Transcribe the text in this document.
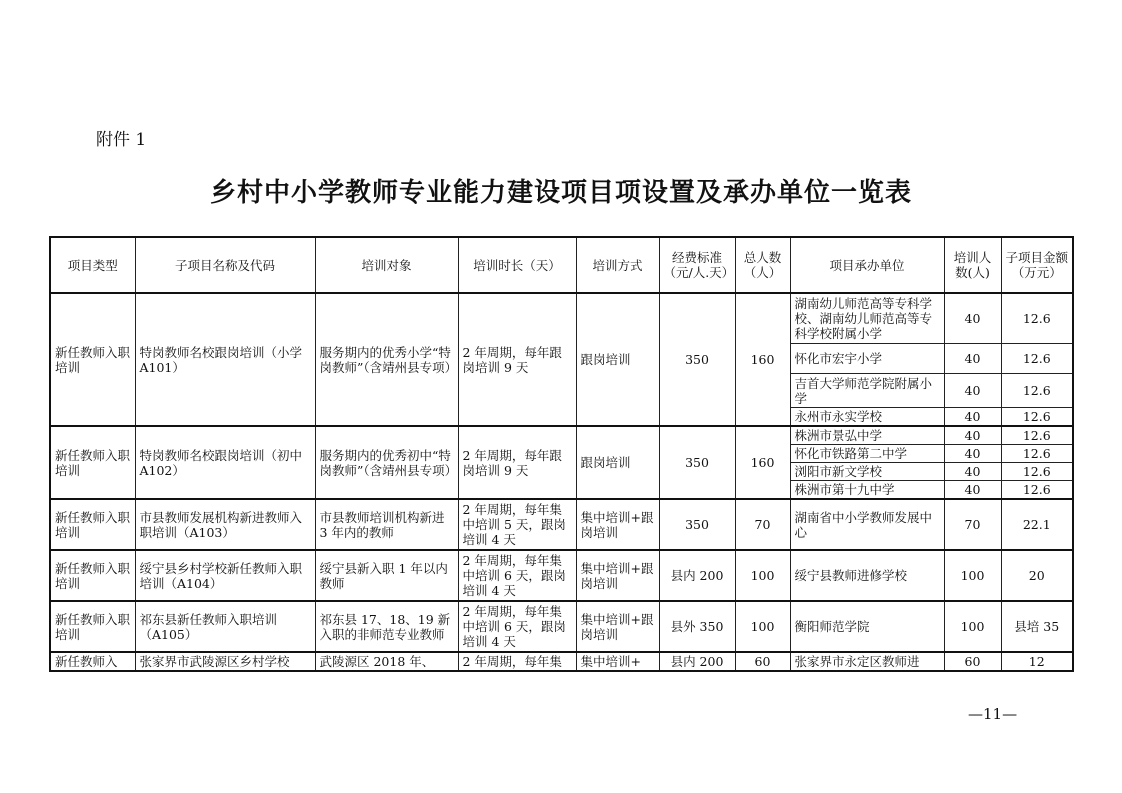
附件 1
乡村中小学教师专业能力建设项目项设置及承办单位一览表
项目类型	子项目名称及代码	培训对象	培训时长（天）	培训方式	经费标准（元/人.天）	总人数（人）	项目承办单位	培训人数(人)	子项目金额（万元）
新任教师入职培训	特岗教师名校跟岗培训（小学 A101）	服务期内的优秀小学“特岗教师”（含靖州县专项）	2 年周期，每年跟岗培训 9 天	跟岗培训	350	160	湖南幼儿师范高等专科学校、湖南幼儿师范高等专科学校附属小学	40	12.6
							怀化市宏宇小学	40	12.6
							吉首大学师范学院附属小学	40	12.6
							永州市永实学校	40	12.6
新任教师入职培训	特岗教师名校跟岗培训（初中 A102）	服务期内的优秀初中“特岗教师”（含靖州县专项）	2 年周期，每年跟岗培训 9 天	跟岗培训	350	160	株洲市景弘中学	40	12.6
							怀化市铁路第二中学	40	12.6
							浏阳市新文学校	40	12.6
							株洲市第十九中学	40	12.6
新任教师入职培训	市县教师发展机构新进教师入职培训（A103）	市县教师培训机构新进 3 年内的教师	2 年周期，每年集中培训 5 天，跟岗培训 4 天	集中培训+跟岗培训	350	70	湖南省中小学教师发展中心	70	22.1
新任教师入职培训	绥宁县乡村学校新任教师入职培训（A104）	绥宁县新入职 1 年以内教师	2 年周期，每年集中培训 6 天，跟岗培训 4 天	集中培训+跟岗培训	县内 200	100	绥宁县教师进修学校	100	20
新任教师入职培训	祁东县新任教师入职培训（A105）	祁东县 17、18、19 新入职的非师范专业教师	2 年周期，每年集中培训 6 天，跟岗培训 4 天	集中培训+跟岗培训	县外 350	100	衡阳师范学院	100	县培 35
新任教师入	张家界市武陵源区乡村学校	武陵源区 2018 年、	2 年周期，每年集	集中培训+	县内 200	60	张家界市永定区教师进	60	12
—11—
